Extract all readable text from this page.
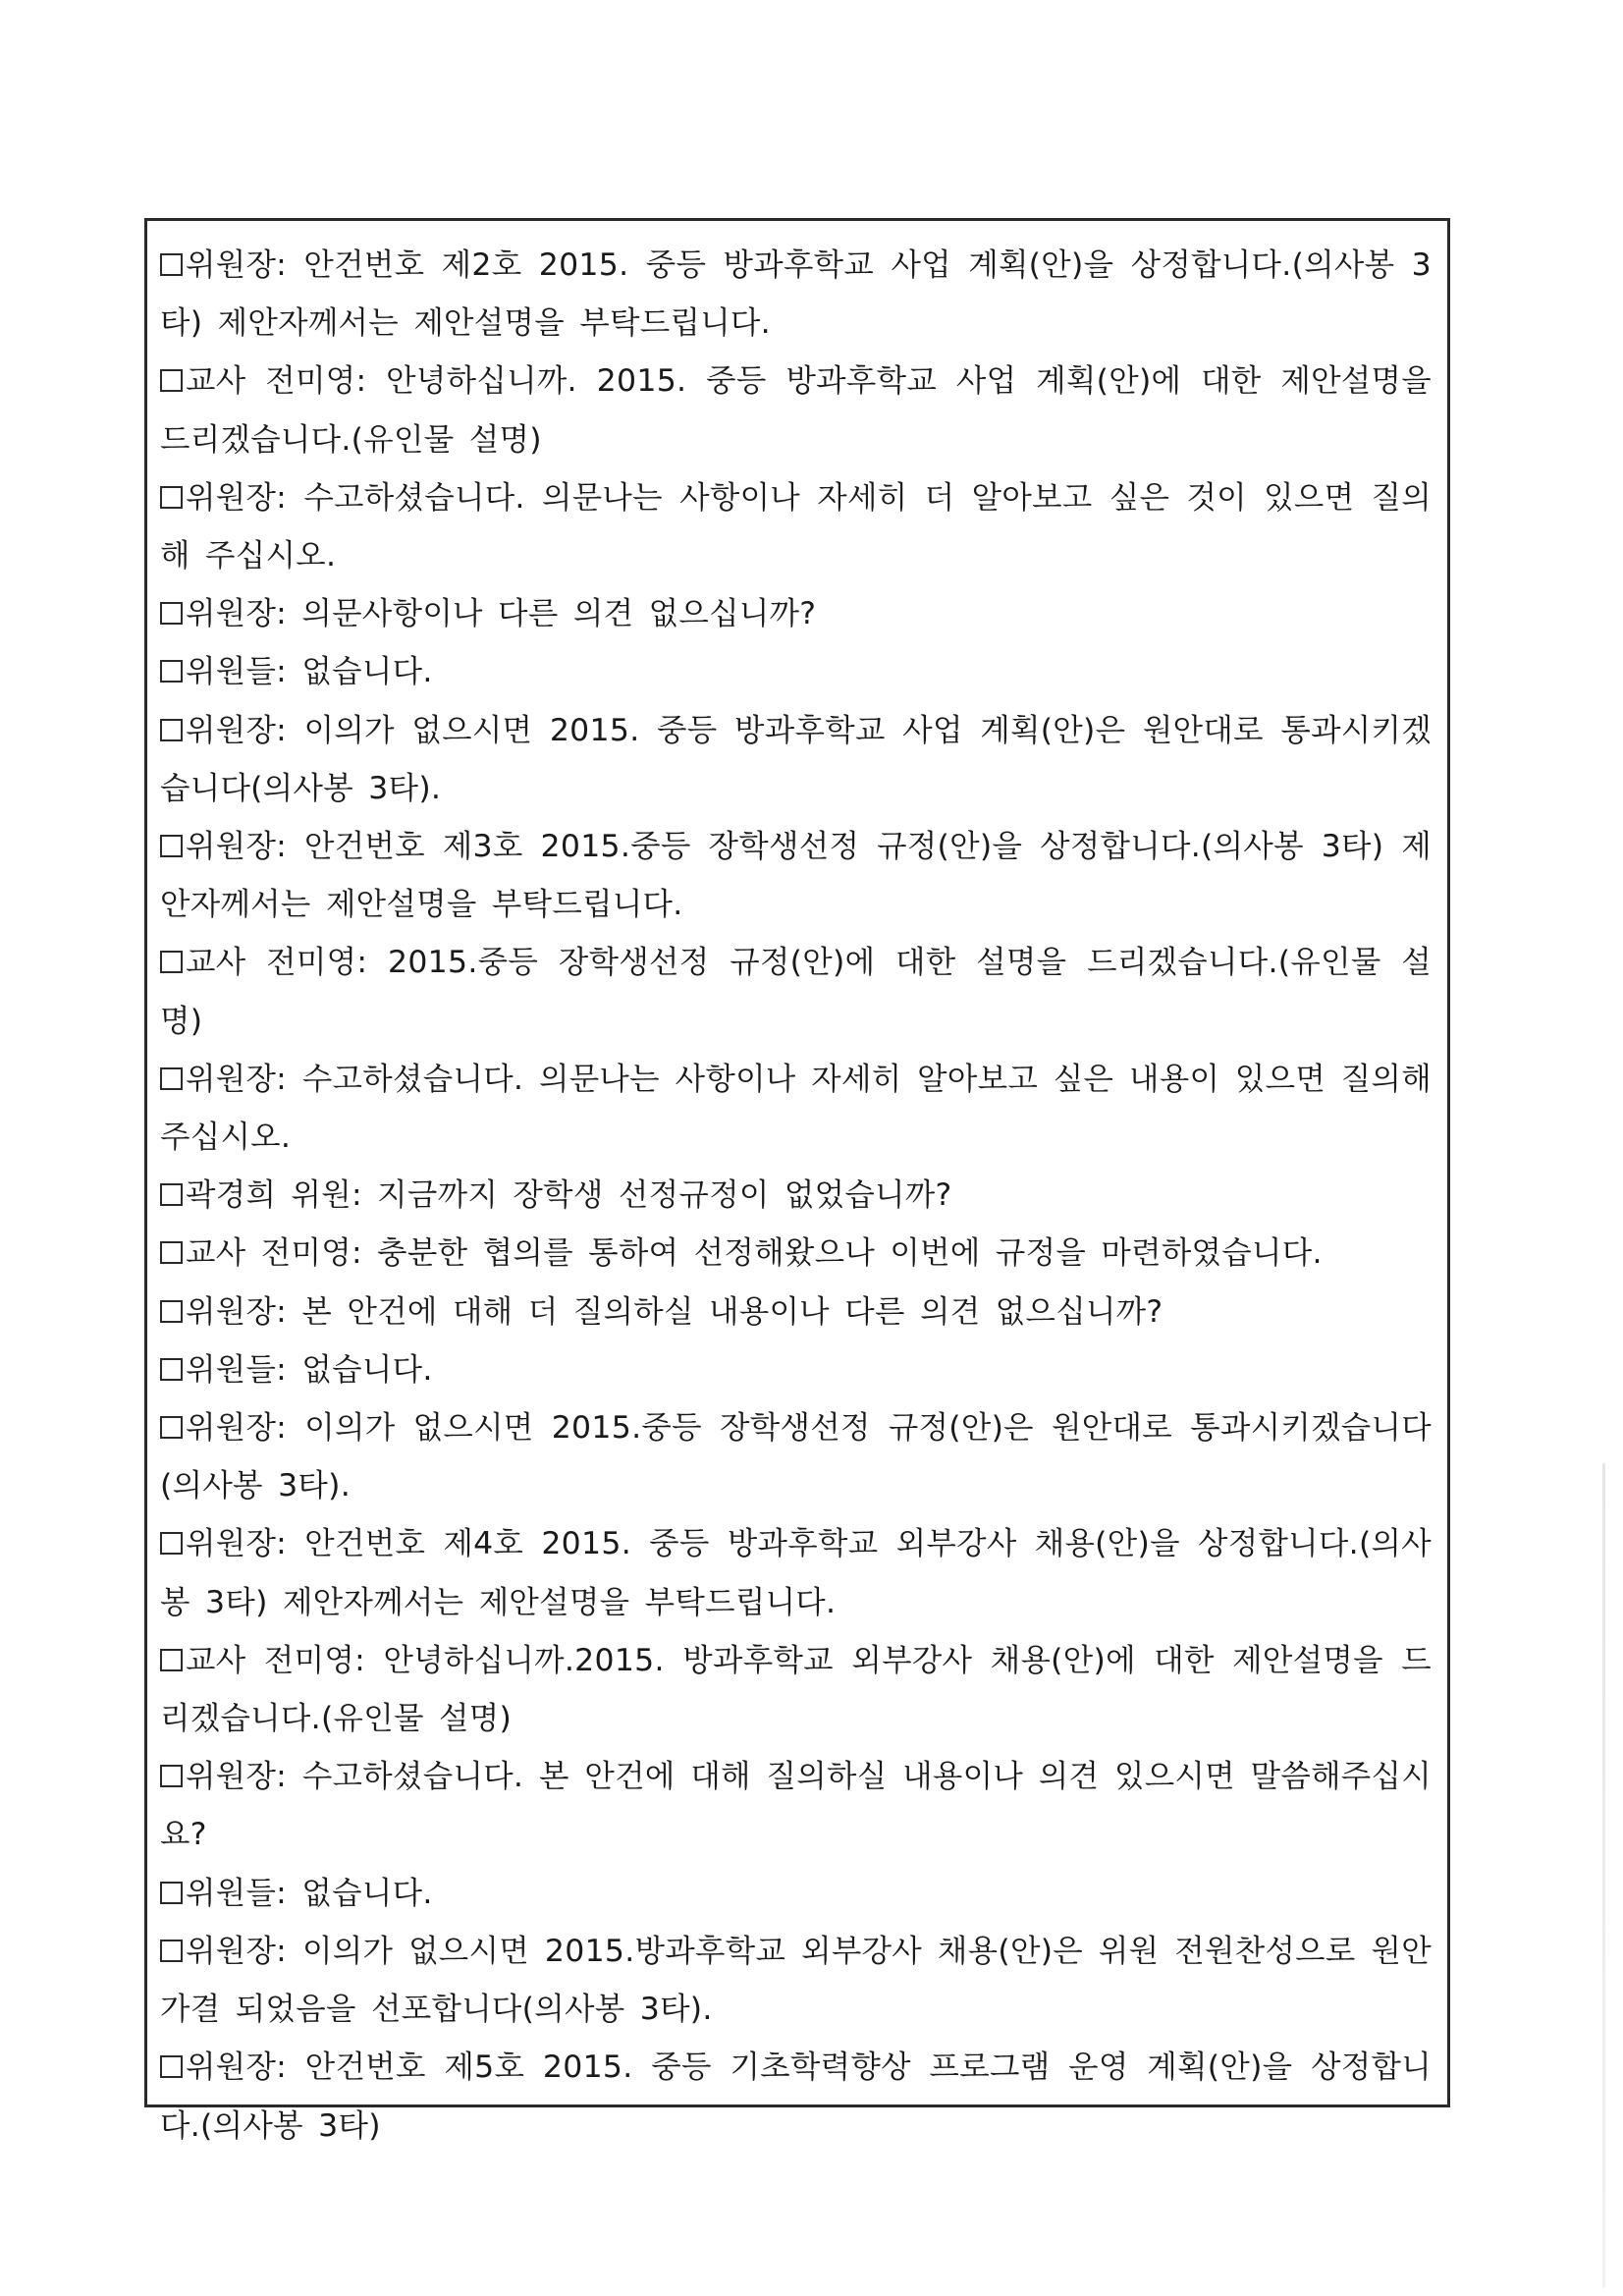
위원장: 안건번호 제2호 2015. 중등 방과후학교 사업 계획(안)을 상정합니다.(의사봉 3타) 제안자께서는 제안설명을 부탁드립니다.

교사 전미영: 안녕하십니까. 2015. 중등 방과후학교 사업 계획(안)에 대한 제안설명을 드리겠습니다.(유인물 설명)

위원장: 수고하셨습니다. 의문나는 사항이나 자세히 더 알아보고 싶은 것이 있으면 질의해 주십시오.

위원장: 의문사항이나 다른 의견 없으십니까?

위원들: 없습니다.

위원장: 이의가 없으시면 2015. 중등 방과후학교 사업 계획(안)은 원안대로 통과시키겠습니다(의사봉 3타).

위원장: 안건번호 제3호 2015.중등 장학생선정 규정(안)을 상정합니다.(의사봉 3타) 제안자께서는 제안설명을 부탁드립니다.

교사 전미영: 2015.중등 장학생선정 규정(안)에 대한 설명을 드리겠습니다.(유인물 설명)

위원장: 수고하셨습니다. 의문나는 사항이나 자세히 알아보고 싶은 내용이 있으면 질의해 주십시오.

곽경희 위원: 지금까지 장학생 선정규정이 없었습니까?

교사 전미영: 충분한 협의를 통하여 선정해왔으나 이번에 규정을 마련하였습니다.

위원장: 본 안건에 대해 더 질의하실 내용이나 다른 의견 없으십니까?

위원들: 없습니다.

위원장: 이의가 없으시면 2015.중등 장학생선정 규정(안)은 원안대로 통과시키겠습니다(의사봉 3타).

위원장: 안건번호 제4호 2015. 중등 방과후학교 외부강사 채용(안)을 상정합니다.(의사봉 3타) 제안자께서는 제안설명을 부탁드립니다.

교사 전미영: 안녕하십니까.2015. 방과후학교 외부강사 채용(안)에 대한 제안설명을 드리겠습니다.(유인물 설명)

위원장: 수고하셨습니다. 본 안건에 대해 질의하실 내용이나 의견 있으시면 말씀해주십시요?

위원들: 없습니다.

위원장: 이의가 없으시면 2015.방과후학교 외부강사 채용(안)은 위원 전원찬성으로 원안가결 되었음을 선포합니다(의사봉 3타).

위원장: 안건번호 제5호 2015. 중등 기초학력향상 프로그램 운영 계획(안)을 상정합니다.(의사봉 3타)
